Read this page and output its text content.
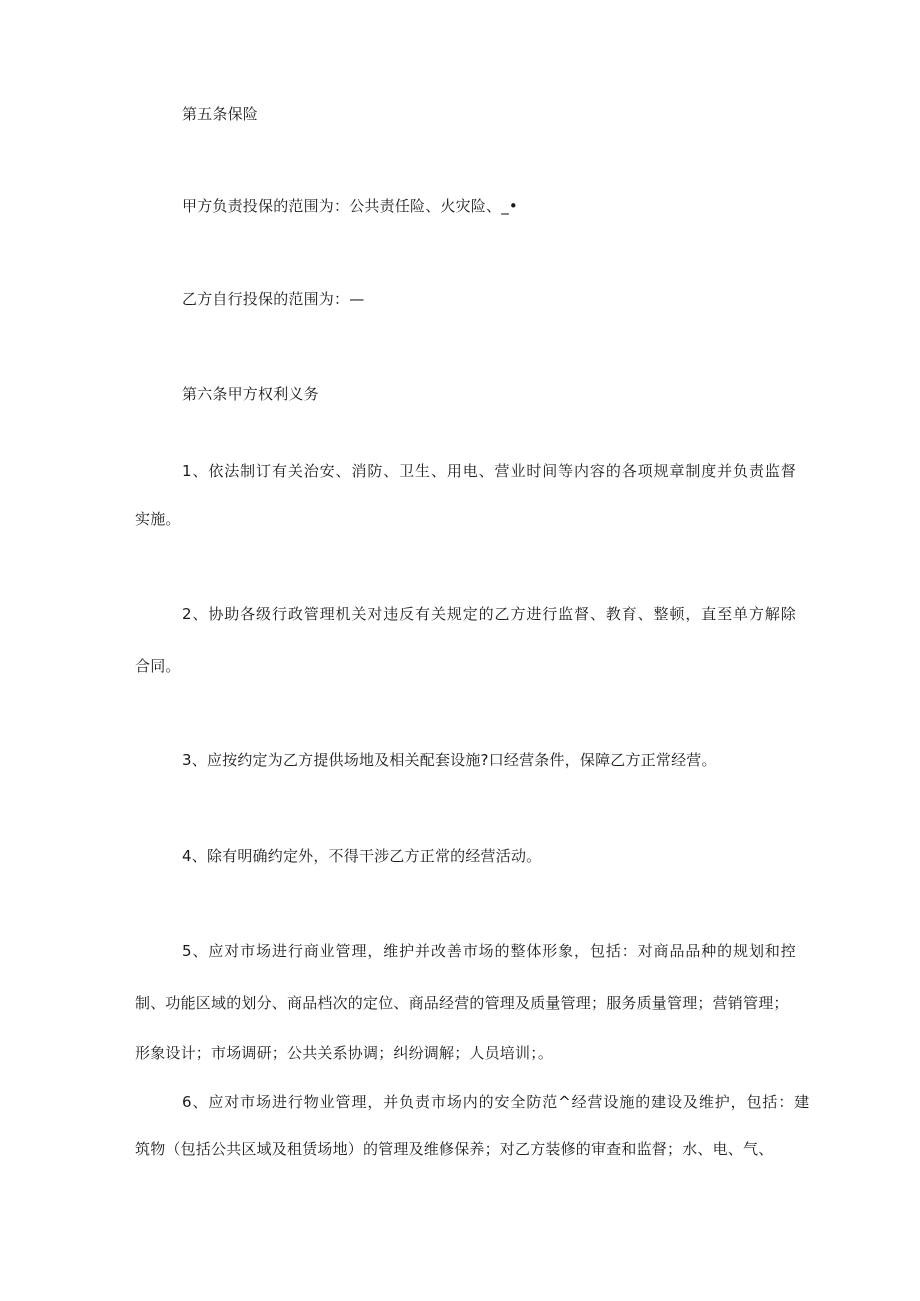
第五条保险
甲方负责投保的范围为：公共责任险、火灾险、_•
乙方自行投保的范围为：—
第六条甲方权利义务
1、依法制订有关治安、消防、卫生、用电、营业时间等内容的各项规章制度并负责监督
实施。
2、协助各级行政管理机关对违反有关规定的乙方进行监督、教育、整顿，直至单方解除
合同。
3、应按约定为乙方提供场地及相关配套设施?口经营条件，保障乙方正常经营。
4、除有明确约定外，不得干涉乙方正常的经营活动。
5、应对市场进行商业管理，维护并改善市场的整体形象，包括：对商品品种的规划和控
制、功能区域的划分、商品档次的定位、商品经营的管理及质量管理；服务质量管理；营销管理；
形象设计；市场调研；公共关系协调；纠纷调解；人员培训；。
6、应对市场进行物业管理，并负责市场内的安全防范^经营设施的建设及维护，包括：建
筑物（包括公共区域及租赁场地）的管理及维修保养；对乙方装修的审查和监督；水、电、气、
